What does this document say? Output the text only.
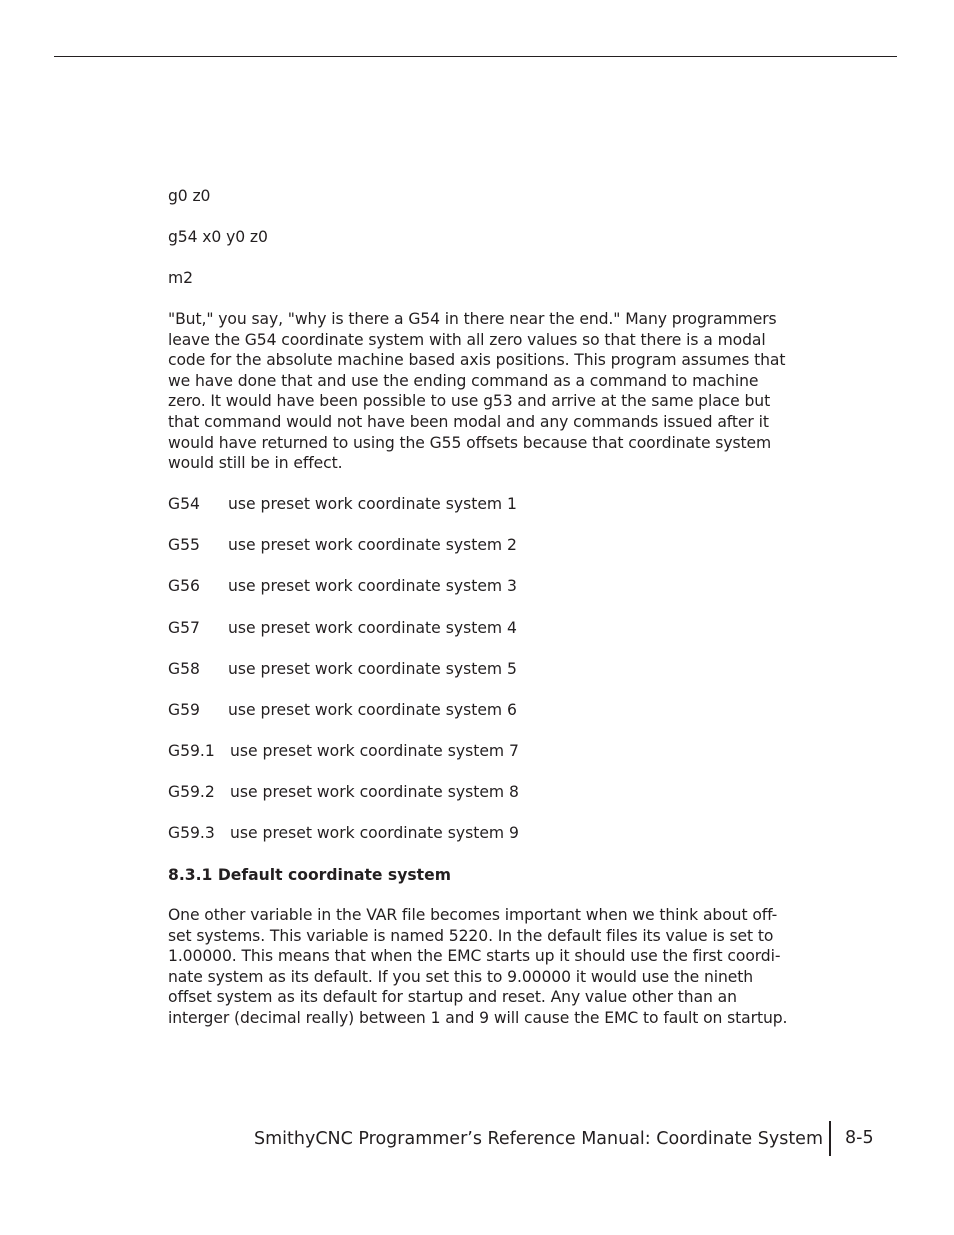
g0 z0
g54 x0 y0 z0
m2
"But," you say, "why is there a G54 in there near the end." Many programmers
leave the G54 coordinate system with all zero values so that there is a modal
code for the absolute machine based axis positions. This program assumes that
we have done that and use the ending command as a command to machine
zero. It would have been possible to use g53 and arrive at the same place but
that command would not have been modal and any commands issued after it
would have returned to using the G55 offsets because that coordinate system
would still be in effect.
G54 use preset work coordinate system 1
G55 use preset work coordinate system 2
G56 use preset work coordinate system 3
G57 use preset work coordinate system 4
G58 use preset work coordinate system 5
G59 use preset work coordinate system 6
G59.1 use preset work coordinate system 7
G59.2 use preset work coordinate system 8
G59.3 use preset work coordinate system 9
8.3.1 Default coordinate system
One other variable in the VAR file becomes important when we think about off-
set systems. This variable is named 5220. In the default files its value is set to
1.00000. This means that when the EMC starts up it should use the first coordi-
nate system as its default. If you set this to 9.00000 it would use the nineth
offset system as its default for startup and reset. Any value other than an
interger (decimal really) between 1 and 9 will cause the EMC to fault on startup.
SmithyCNC Programmer’s Reference Manual: Coordinate System 8-5
